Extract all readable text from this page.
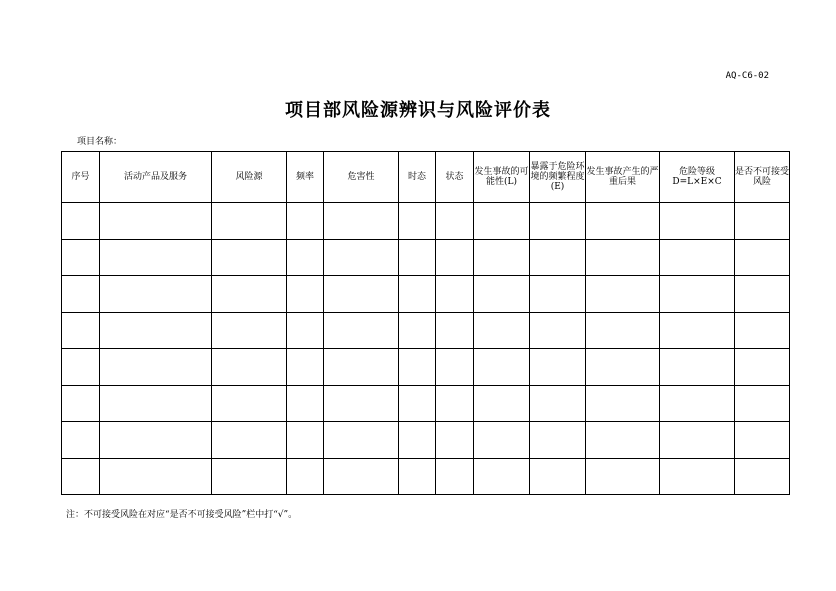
AQ-C6-02
项目部风险源辨识与风险评价表
项目名称：
序号	活动产品及服务	风险源	频率	危害性	时态	状态	发生事故的可能性(L)	暴露于危险环境的频繁程度(E)	发生事故产生的严重后果	危险等级D=L×E×C	是否不可接受风险

注：不可接受风险在对应“是否不可接受风险”栏中打“√”。
